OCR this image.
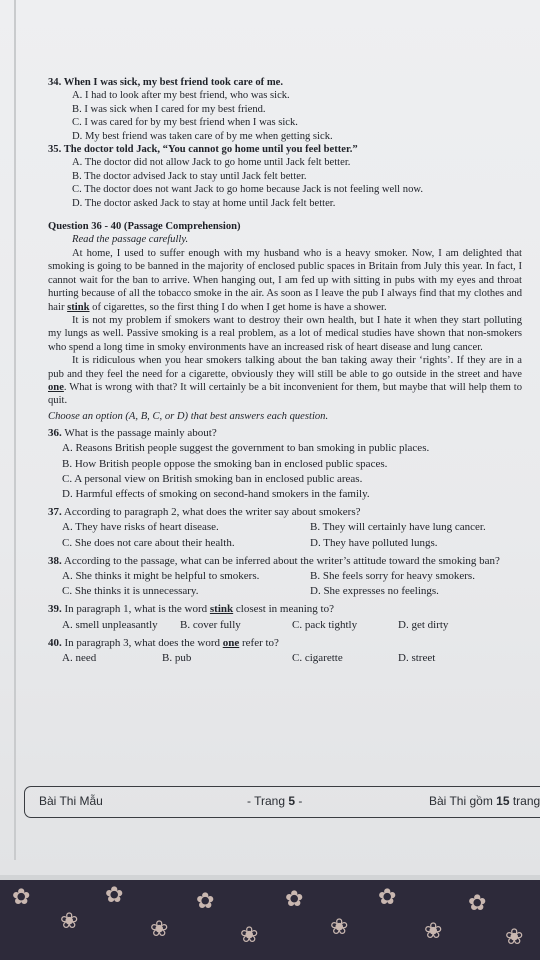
34. When I was sick, my best friend took care of me.

A. I had to look after my best friend, who was sick.
B. I was sick when I cared for my best friend.
C. I was cared for by my best friend when I was sick.
D. My best friend was taken care of by me when getting sick.

35. The doctor told Jack, “You cannot go home until you feel better.”

A. The doctor did not allow Jack to go home until Jack felt better.
B. The doctor advised Jack to stay until Jack felt better.
C. The doctor does not want Jack to go home because Jack is not feeling well now.
D. The doctor asked Jack to stay at home until Jack felt better.
Question 36 - 40 (Passage Comprehension)
Read the passage carefully.

At home, I used to suffer enough with my husband who is a heavy smoker. Now, I am delighted that smoking is going to be banned in the majority of enclosed public spaces in Britain from July this year. In fact, I cannot wait for the ban to arrive. When hanging out, I am fed up with sitting in pubs with my eyes and throat hurting because of all the tobacco smoke in the air. As soon as I leave the pub I always find that my clothes and hair stink of cigarettes, so the first thing I do when I get home is have a shower.

It is not my problem if smokers want to destroy their own health, but I hate it when they start polluting my lungs as well. Passive smoking is a real problem, as a lot of medical studies have shown that non-smokers who spend a long time in smoky environments have an increased risk of heart disease and lung cancer.

It is ridiculous when you hear smokers talking about the ban taking away their ‘rights’. If they are in a pub and they feel the need for a cigarette, obviously they will still be able to go outside in the street and have one. What is wrong with that? It will certainly be a bit inconvenient for them, but maybe that will help them to quit.

Choose an option (A, B, C, or D) that best answers each question.
36. What is the passage mainly about?
A. Reasons British people suggest the government to ban smoking in public places.
B. How British people oppose the smoking ban in enclosed public spaces.
C. A personal view on British smoking ban in enclosed public areas.
D. Harmful effects of smoking on second-hand smokers in the family.
37. According to paragraph 2, what does the writer say about smokers?
A. They have risks of heart disease.	B. They will certainly have lung cancer.
C. She does not care about their health.	D. They have polluted lungs.
38. According to the passage, what can be inferred about the writer’s attitude toward the smoking ban?
A. She thinks it might be helpful to smokers.	B. She feels sorry for heavy smokers.
C. She thinks it is unnecessary.	D. She expresses no feelings.
39. In paragraph 1, what is the word stink closest in meaning to?
A. smell unpleasantly	B. cover fully	C. pack tightly	D. get dirty
40. In paragraph 3, what does the word one refer to?
A. need	B. pub	C. cigarette	D. street
Bài Thi Mẫu	- Trang 5 -	Bài Thi gồm 15 trang
✿
❀
✿
❀
✿
❀
✿
❀
✿
❀
✿
❀
